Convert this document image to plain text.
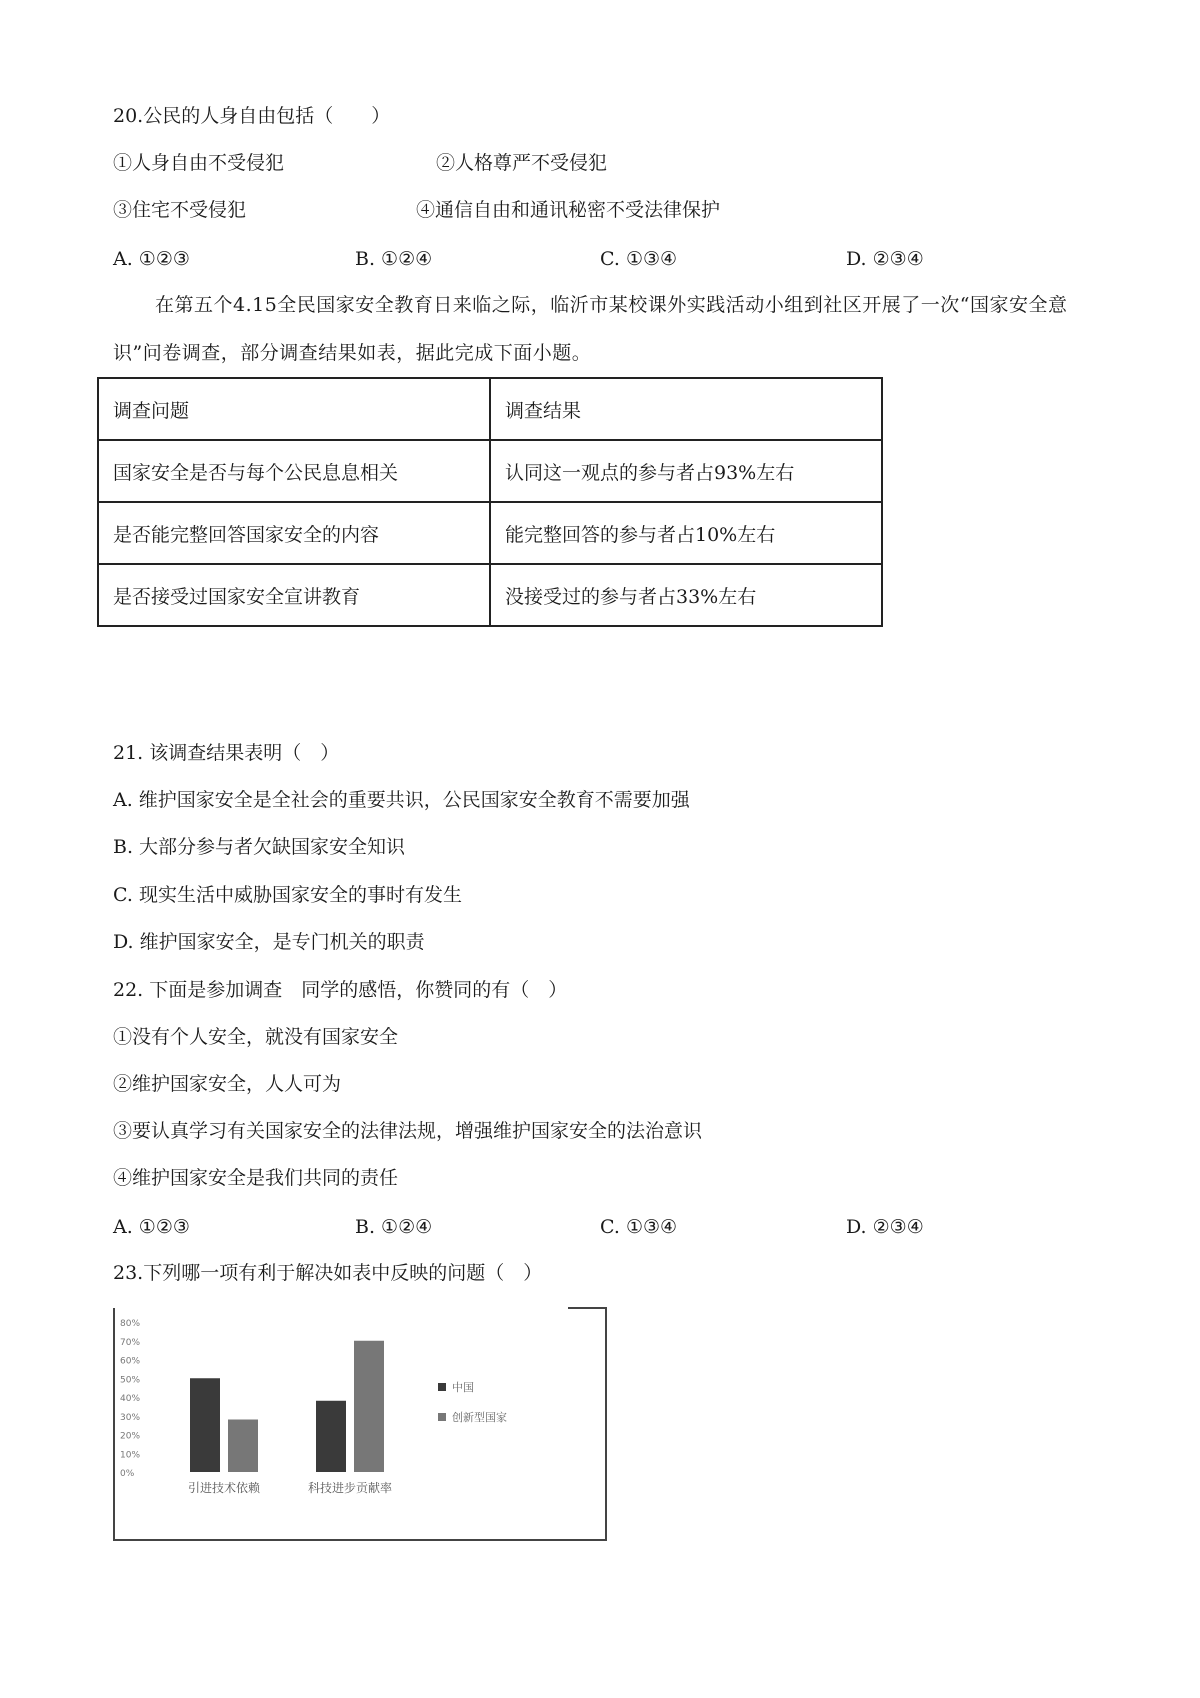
20.公民的人身自由包括（　　）
①人身自由不受侵犯	②人格尊严不受侵犯
③住宅不受侵犯	④通信自由和通讯秘密不受法律保护
A. ①②③	B. ①②④	C. ①③④	D. ②③④
在第五个4.15全民国家安全教育日来临之际，临沂市某校课外实践活动小组到社区开展了一次“国家安全意识”问卷调查，部分调查结果如表，据此完成下面小题。
调查问题	调查结果
国家安全是否与每个公民息息相关	认同这一观点的参与者占93%左右
是否能完整回答国家安全的内容	能完整回答的参与者占10%左右
是否接受过国家安全宣讲教育	没接受过的参与者占33%左右
21. 该调查结果表明（　）
A. 维护国家安全是全社会的重要共识，公民国家安全教育不需要加强
B. 大部分参与者欠缺国家安全知识
C. 现实生活中威胁国家安全的事时有发生
D. 维护国家安全，是专门机关的职责
22. 下面是参加调查　同学的感悟，你赞同的有（　）
①没有个人安全，就没有国家安全
②维护国家安全，人人可为
③要认真学习有关国家安全的法律法规，增强维护国家安全的法治意识
④维护国家安全是我们共同的责任
A. ①②③	B. ①②④	C. ①③④	D. ②③④
23.下列哪一项有利于解决如表中反映的问题（　）
80%
70%
60%
50%
40%
30%
20%
10%
0%
引进技术依赖	科技进步贡献率
中国
创新型国家
